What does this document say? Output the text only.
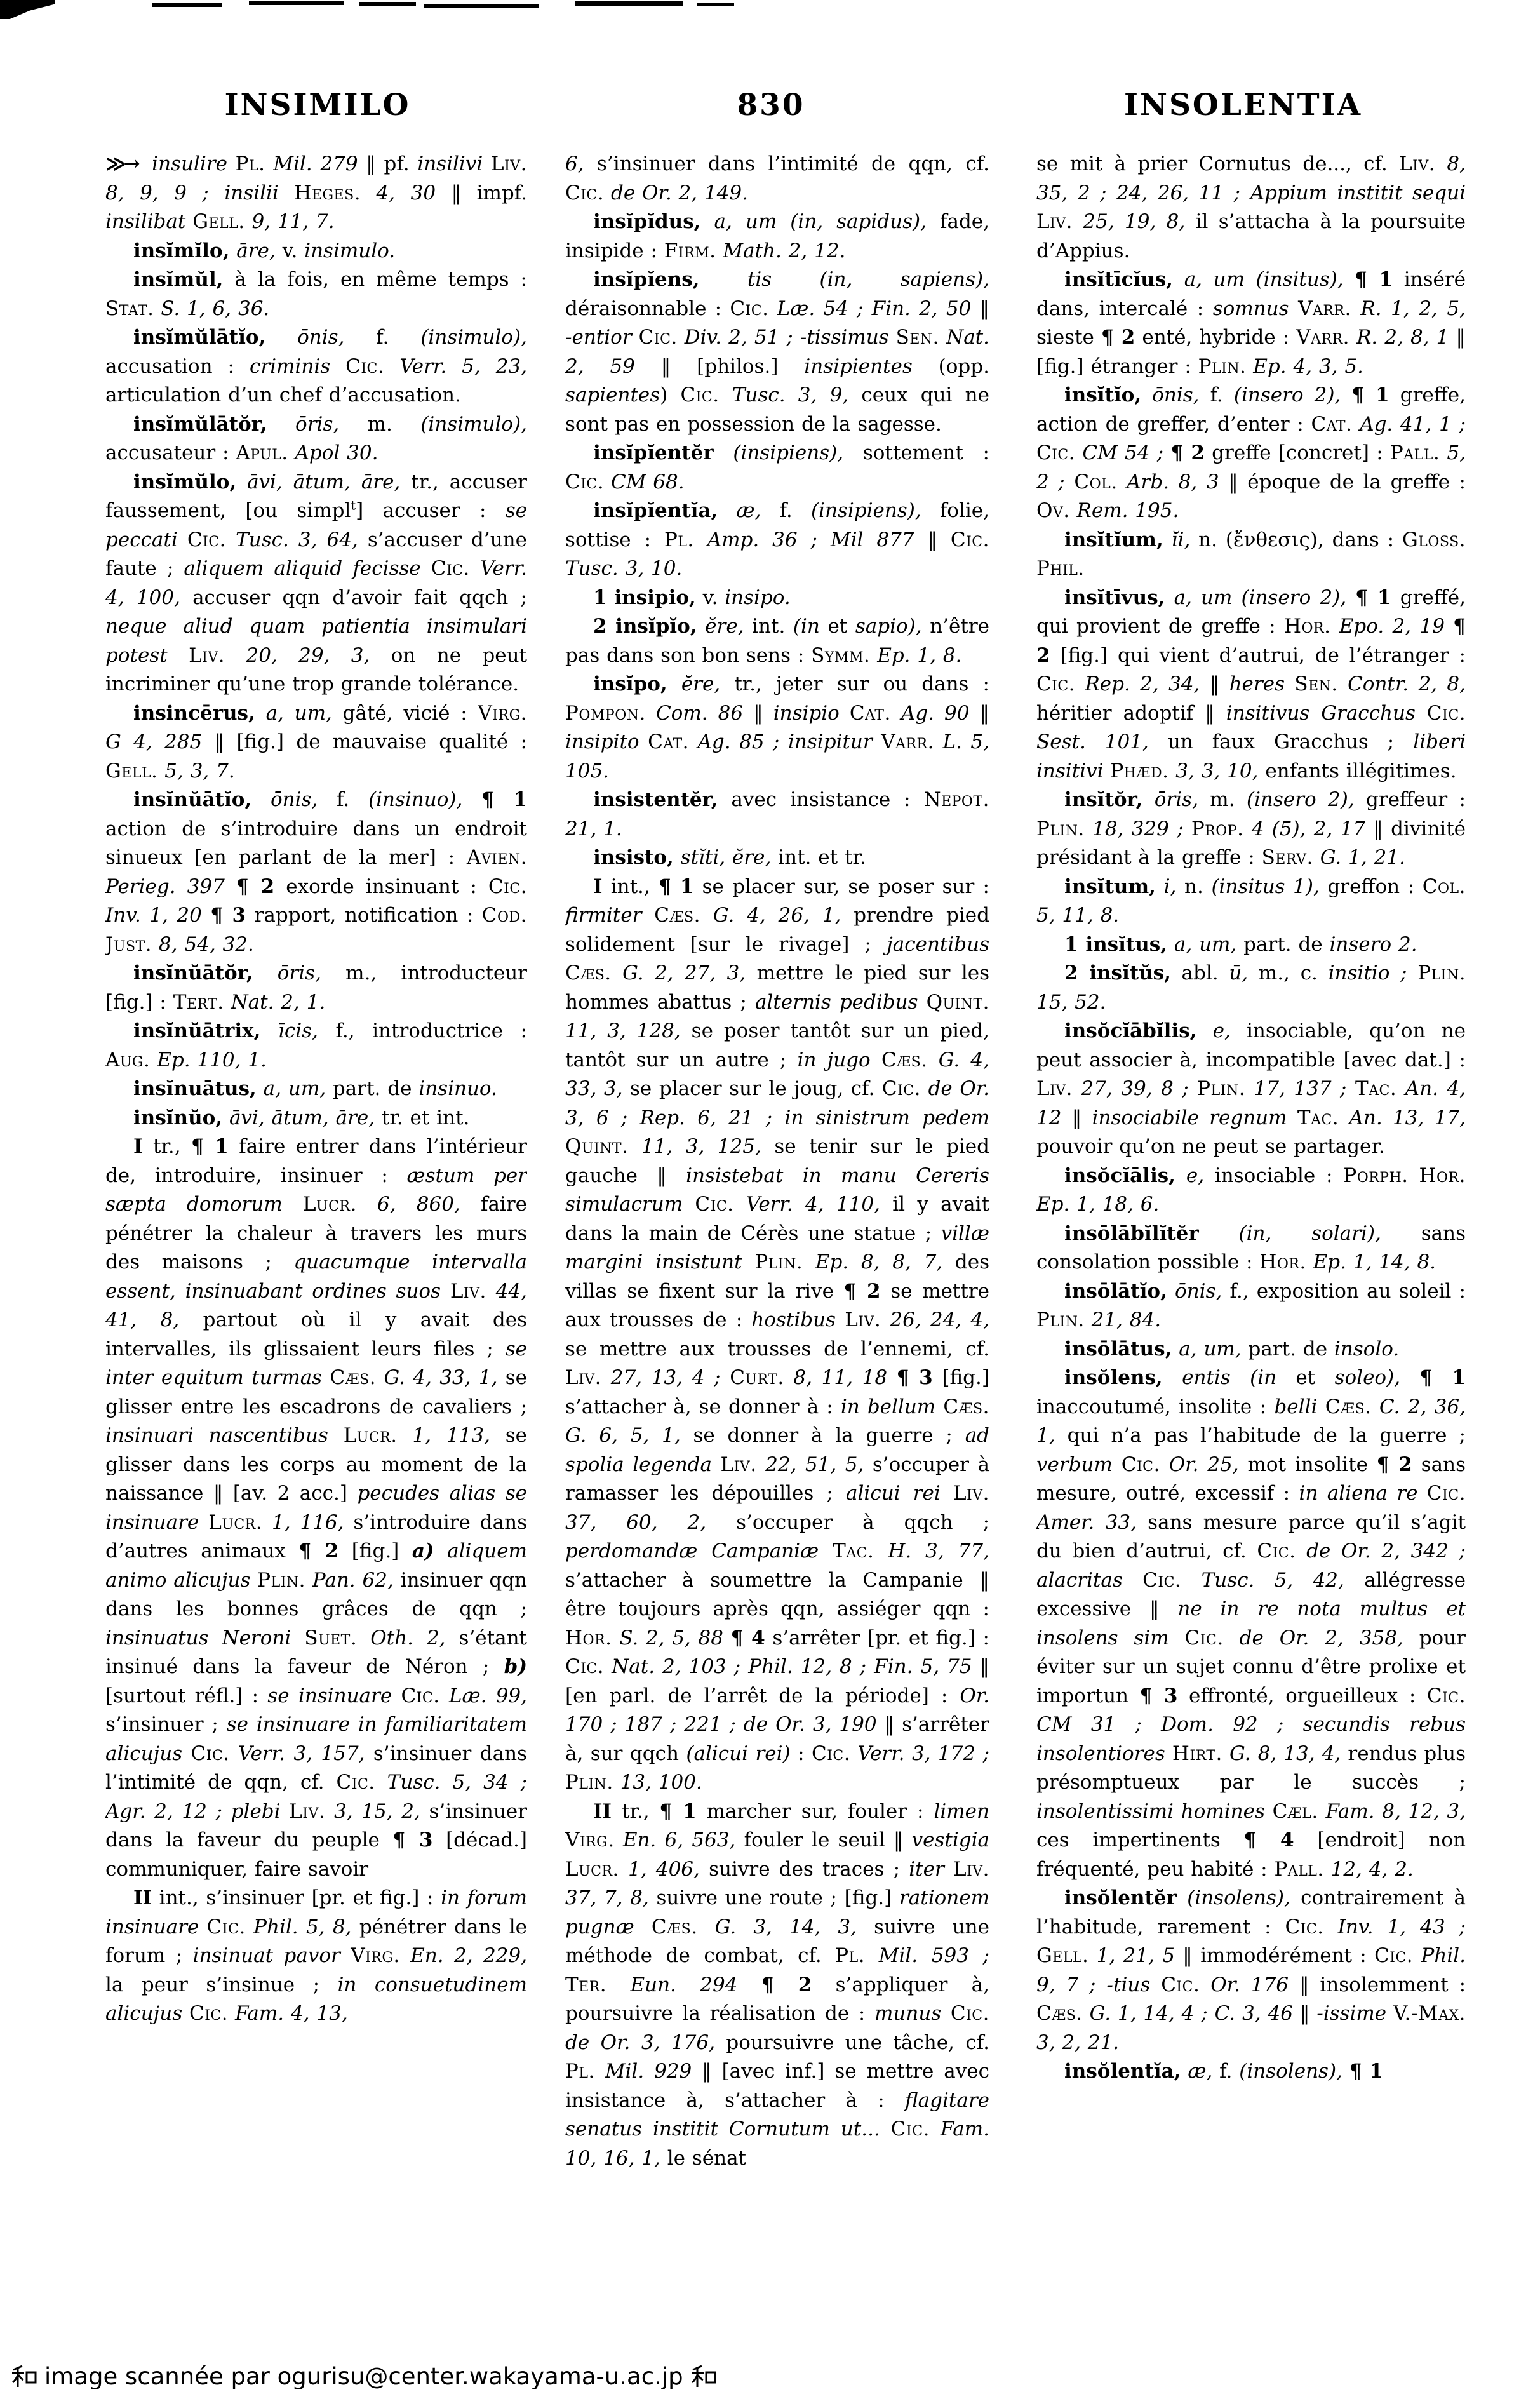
INSIMILO	830	INSOLENTIA

≫→ insulire Pl. Mil. 279 ‖ pf. insilivi Liv. 8, 9, 9 ; insilii Heges. 4, 30 ‖ impf. insilibat Gell. 9, 11, 7.

insĭmĭlo, āre, v. insimulo.

insĭmŭl, à la fois, en même temps : Stat. S. 1, 6, 36.

insĭmŭlātĭo, ōnis, f. (insimulo), accusation : criminis Cic. Verr. 5, 23, articulation d’un chef d’accusation.

insĭmŭlātŏr, ōris, m. (insimulo), accusateur : Apul. Apol 30.

insĭmŭlo, āvi, ātum, āre, tr., accuser faussement, [ou simpl$^t$] accuser : se peccati Cic. Tusc. 3, 64, s’accuser d’une faute ; aliquem aliquid fecisse Cic. Verr. 4, 100, accuser qqn d’avoir fait qqch ; neque aliud quam patientia insimulari potest Liv. 20, 29, 3, on ne peut incriminer qu’une trop grande tolérance.

insincērus, a, um, gâté, vicié : Virg. G 4, 285 ‖ [fig.] de mauvaise qualité : Gell. 5, 3, 7.

insĭnŭātĭo, ōnis, f. (insinuo), ¶ 1 action de s’introduire dans un endroit sinueux [en parlant de la mer] : Avien. Perieg. 397 ¶ 2 exorde insinuant : Cic. Inv. 1, 20 ¶ 3 rapport, notification : Cod. Just. 8, 54, 32.

insĭnŭātŏr, ōris, m., introducteur [fig.] : Tert. Nat. 2, 1.

insĭnŭātrix, īcis, f., introductrice : Aug. Ep. 110, 1.

insĭnuātus, a, um, part. de insinuo.

insĭnŭo, āvi, ātum, āre, tr. et int.

I tr., ¶ 1 faire entrer dans l’intérieur de, introduire, insinuer : æstum per sæpta domorum Lucr. 6, 860, faire pénétrer la chaleur à travers les murs des maisons ; quacumque intervalla essent, insinuabant ordines suos Liv. 44, 41, 8, partout où il y avait des intervalles, ils glissaient leurs files ; se inter equitum turmas Cæs. G. 4, 33, 1, se glisser entre les escadrons de cavaliers ; insinuari nascentibus Lucr. 1, 113, se glisser dans les corps au moment de la naissance ‖ [av. 2 acc.] pecudes alias se insinuare Lucr. 1, 116, s’introduire dans d’autres animaux ¶ 2 [fig.] a) aliquem animo alicujus Plin. Pan. 62, insinuer qqn dans les bonnes grâces de qqn ; insinuatus Neroni Suet. Oth. 2, s’étant insinué dans la faveur de Néron ; b) [surtout réfl.] : se insinuare Cic. Læ. 99, s’insinuer ; se insinuare in familiaritatem alicujus Cic. Verr. 3, 157, s’insinuer dans l’intimité de qqn, cf. Cic. Tusc. 5, 34 ; Agr. 2, 12 ; plebi Liv. 3, 15, 2, s’insinuer dans la faveur du peuple ¶ 3 [décad.] communiquer, faire savoir

II int., s’insinuer [pr. et fig.] : in forum insinuare Cic. Phil. 5, 8, pénétrer dans le forum ; insinuat pavor Virg. En. 2, 229, la peur s’insinue ; in consuetudinem alicujus Cic. Fam. 4, 13,

6, s’insinuer dans l’intimité de qqn, cf. Cic. de Or. 2, 149.

insĭpĭdus, a, um (in, sapidus), fade, insipide : Firm. Math. 2, 12.

insĭpĭens, tis (in, sapiens), déraisonnable : Cic. Læ. 54 ; Fin. 2, 50 ‖ -entior Cic. Div. 2, 51 ; -tissimus Sen. Nat. 2, 59 ‖ [philos.] insipientes (opp. sapientes) Cic. Tusc. 3, 9, ceux qui ne sont pas en possession de la sagesse.

insĭpĭentĕr (insipiens), sottement : Cic. CM 68.

insĭpĭentĭa, æ, f. (insipiens), folie, sottise : Pl. Amp. 36 ; Mil 877 ‖ Cic. Tusc. 3, 10.

1 insipio, v. insipo.

2 insĭpĭo, ĕre, int. (in et sapio), n’être pas dans son bon sens : Symm. Ep. 1, 8.

insĭpo, ĕre, tr., jeter sur ou dans : Pompon. Com. 86 ‖ insipio Cat. Ag. 90 ‖ insipito Cat. Ag. 85 ; insipitur Varr. L. 5, 105.

insistentĕr, avec insistance : Nepot. 21, 1.

insisto, stĭti, ĕre, int. et tr.

I int., ¶ 1 se placer sur, se poser sur : firmiter Cæs. G. 4, 26, 1, prendre pied solidement [sur le rivage] ; jacentibus Cæs. G. 2, 27, 3, mettre le pied sur les hommes abattus ; alternis pedibus Quint. 11, 3, 128, se poser tantôt sur un pied, tantôt sur un autre ; in jugo Cæs. G. 4, 33, 3, se placer sur le joug, cf. Cic. de Or. 3, 6 ; Rep. 6, 21 ; in sinistrum pedem Quint. 11, 3, 125, se tenir sur le pied gauche ‖ insistebat in manu Cereris simulacrum Cic. Verr. 4, 110, il y avait dans la main de Cérès une statue ; villæ margini insistunt Plin. Ep. 8, 8, 7, des villas se fixent sur la rive ¶ 2 se mettre aux trousses de : hostibus Liv. 26, 24, 4, se mettre aux trousses de l’ennemi, cf. Liv. 27, 13, 4 ; Curt. 8, 11, 18 ¶ 3 [fig.] s’attacher à, se donner à : in bellum Cæs. G. 6, 5, 1, se donner à la guerre ; ad spolia legenda Liv. 22, 51, 5, s’occuper à ramasser les dépouilles ; alicui rei Liv. 37, 60, 2, s’occuper à qqch ; perdomandæ Campaniæ Tac. H. 3, 77, s’attacher à soumettre la Campanie ‖ être toujours après qqn, assiéger qqn : Hor. S. 2, 5, 88 ¶ 4 s’arrêter [pr. et fig.] : Cic. Nat. 2, 103 ; Phil. 12, 8 ; Fin. 5, 75 ‖ [en parl. de l’arrêt de la période] : Or. 170 ; 187 ; 221 ; de Or. 3, 190 ‖ s’arrêter à, sur qqch (alicui rei) : Cic. Verr. 3, 172 ; Plin. 13, 100.

II tr., ¶ 1 marcher sur, fouler : limen Virg. En. 6, 563, fouler le seuil ‖ vestigia Lucr. 1, 406, suivre des traces ; iter Liv. 37, 7, 8, suivre une route ; [fig.] rationem pugnæ Cæs. G. 3, 14, 3, suivre une méthode de combat, cf. Pl. Mil. 593 ; Ter. Eun. 294 ¶ 2 s’appliquer à, poursuivre la réalisation de : munus Cic. de Or. 3, 176, poursuivre une tâche, cf. Pl. Mil. 929 ‖ [avec inf.] se mettre avec insistance à, s’attacher à : flagitare senatus institit Cornutum ut... Cic. Fam. 10, 16, 1, le sénat

se mit à prier Cornutus de..., cf. Liv. 8, 35, 2 ; 24, 26, 11 ; Appium institit sequi Liv. 25, 19, 8, il s’attacha à la poursuite d’Appius.

insĭtīcĭus, a, um (insitus), ¶ 1 inséré dans, intercalé : somnus Varr. R. 1, 2, 5, sieste ¶ 2 enté, hybride : Varr. R. 2, 8, 1 ‖ [fig.] étranger : Plin. Ep. 4, 3, 5.

insĭtĭo, ōnis, f. (insero 2), ¶ 1 greffe, action de greffer, d’enter : Cat. Ag. 41, 1 ; Cic. CM 54 ; ¶ 2 greffe [concret] : Pall. 5, 2 ; Col. Arb. 8, 3 ‖ époque de la greffe : Ov. Rem. 195.

insĭtĭum, ĭi, n. (ἔνθεσις), dans : Gloss. Phil.

insĭtīvus, a, um (insero 2), ¶ 1 greffé, qui provient de greffe : Hor. Epo. 2, 19 ¶ 2 [fig.] qui vient d’autrui, de l’étranger : Cic. Rep. 2, 34, ‖ heres Sen. Contr. 2, 8, héritier adoptif ‖ insitivus Gracchus Cic. Sest. 101, un faux Gracchus ; liberi insitivi Phæd. 3, 3, 10, enfants illégitimes.

insĭtŏr, ōris, m. (insero 2), greffeur : Plin. 18, 329 ; Prop. 4 (5), 2, 17 ‖ divinité présidant à la greffe : Serv. G. 1, 21.

insĭtum, i, n. (insitus 1), greffon : Col. 5, 11, 8.

1 insĭtus, a, um, part. de insero 2.

2 insĭtŭs, abl. ū, m., c. insitio ; Plin. 15, 52.

insŏcĭābĭlis, e, insociable, qu’on ne peut associer à, incompatible [avec dat.] : Liv. 27, 39, 8 ; Plin. 17, 137 ; Tac. An. 4, 12 ‖ insociabile regnum Tac. An. 13, 17, pouvoir qu’on ne peut se partager.

insŏcĭālis, e, insociable : Porph. Hor. Ep. 1, 18, 6.

insōlābĭlĭtĕr (in, solari), sans consolation possible : Hor. Ep. 1, 14, 8.

insōlātĭo, ōnis, f., exposition au soleil : Plin. 21, 84.

insōlātus, a, um, part. de insolo.

insŏlens, entis (in et soleo), ¶ 1 inaccoutumé, insolite : belli Cæs. C. 2, 36, 1, qui n’a pas l’habitude de la guerre ; verbum Cic. Or. 25, mot insolite ¶ 2 sans mesure, outré, excessif : in aliena re Cic. Amer. 33, sans mesure parce qu’il s’agit du bien d’autrui, cf. Cic. de Or. 2, 342 ; alacritas Cic. Tusc. 5, 42, allégresse excessive ‖ ne in re nota multus et insolens sim Cic. de Or. 2, 358, pour éviter sur un sujet connu d’être prolixe et importun ¶ 3 effronté, orgueilleux : Cic. CM 31 ; Dom. 92 ; secundis rebus insolentiores Hirt. G. 8, 13, 4, rendus plus présomptueux par le succès ; insolentissimi homines Cæl. Fam. 8, 12, 3, ces impertinents ¶ 4 [endroit] non fréquenté, peu habité : Pall. 12, 4, 2.

insŏlentĕr (insolens), contrairement à l’habitude, rarement : Cic. Inv. 1, 43 ; Gell. 1, 21, 5 ‖ immodérément : Cic. Phil. 9, 7 ; -tius Cic. Or. 176 ‖ insolemment : Cæs. G. 1, 14, 4 ; C. 3, 46 ‖ -issime V.-Max. 3, 2, 21.

insŏlentĭa, æ, f. (insolens), ¶ 1

image scannée par ogurisu@center.wakayama-u.ac.jp
